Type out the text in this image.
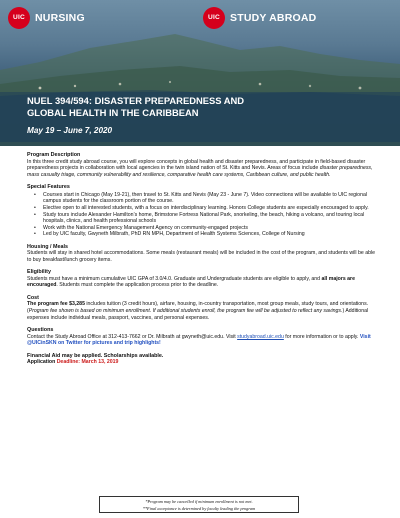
UIC NURSING	UIC STUDY ABROAD
NUEL 394/594: DISASTER PREPAREDNESS AND
GLOBAL HEALTH IN THE CARIBBEAN
May 19 – June 7, 2020
Program Description

In this three credit study abroad course, you will explore concepts in global health and disaster preparedness, and participate in field-based disaster preparedness projects in collaboration with local agencies in the twin island nation of St. Kitts and Nevis. Areas of focus include disaster preparedness, mass casualty triage, community vulnerability and resilience, comparative health care systems, Caribbean culture, and public health.

Special Features
• Courses start in Chicago (May 19-21), then travel to St. Kitts and Nevis (May 23 - June 7). Video connections will be available to UIC regional campus students for the classroom portion of the course.
• Elective open to all interested students, with a focus on interdisciplinary learning. Honors College students are especially encouraged to apply.
• Study tours include Alexander Hamilton’s home, Brimstone Fortress National Park, snorkeling, the beach, hiking a volcano, and touring local hospitals, clinics, and health professional schools
• Work with the National Emergency Management Agency on community-engaged projects
• Led by UIC faculty, Gwyneth Milbrath, PhD RN MPH, Department of Health Systems Sciences, College of Nursing
Housing / Meals

Students will stay in shared hotel accommodations. Some meals (restaurant meals) will be included in the cost of the program, and students will be able to buy breakfast/lunch grocery items.

Eligibility

Students must have a minimum cumulative UIC GPA of 3.0/4.0. Graduate and Undergraduate students are eligible to apply, and all majors are encouraged. Students must complete the application process prior to the deadline.

Cost

The program fee $3,285 includes tuition (3 credit hours), airfare, housing, in-country transportation, most group meals, study tours, and orientations. (Program fee shown is based on minimum enrollment. If additional students enroll, the program fee will be adjusted to reflect any savings.) Additional expenses include individual meals, passport, vaccines, and personal expenses.

Questions

Contact the Study Abroad Office at 312-413-7662 or Dr. Milbrath at gwyneth@uic.edu. Visit studyabroad.uic.edu for more information or to apply. Visit @UICinSKN on Twitter for pictures and trip highlights!

Financial Aid may be applied. Scholarships available.

Application Deadline: March 13, 2019

*Program may be cancelled if minimum enrollment is not met.
**Final acceptance is determined by faculty leading the program
